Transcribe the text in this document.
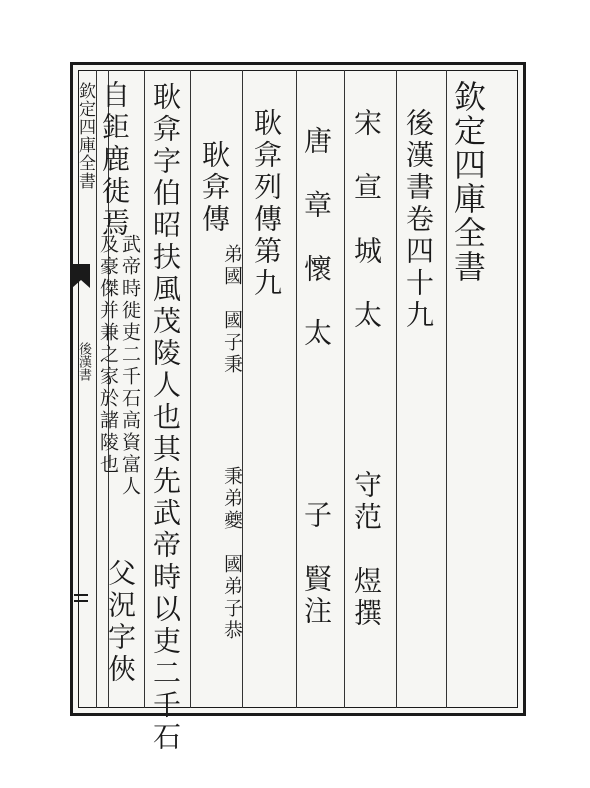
欽定四庫全書
後漢書
欽定四庫全書
後漢書卷四十九
宋　宣　城　太
守范　煜撰
唐　章　懷　太
子　賢注
耿弇列傳第九
耿弇傳
弟國　國子秉
秉弟夔　國弟子恭
耿弇字伯昭扶風茂陵人也其先武帝時以吏二千石
自鉅鹿徙焉
武帝時徙吏二千石高資富人
及豪傑并兼之家於諸陵也
父況字俠
